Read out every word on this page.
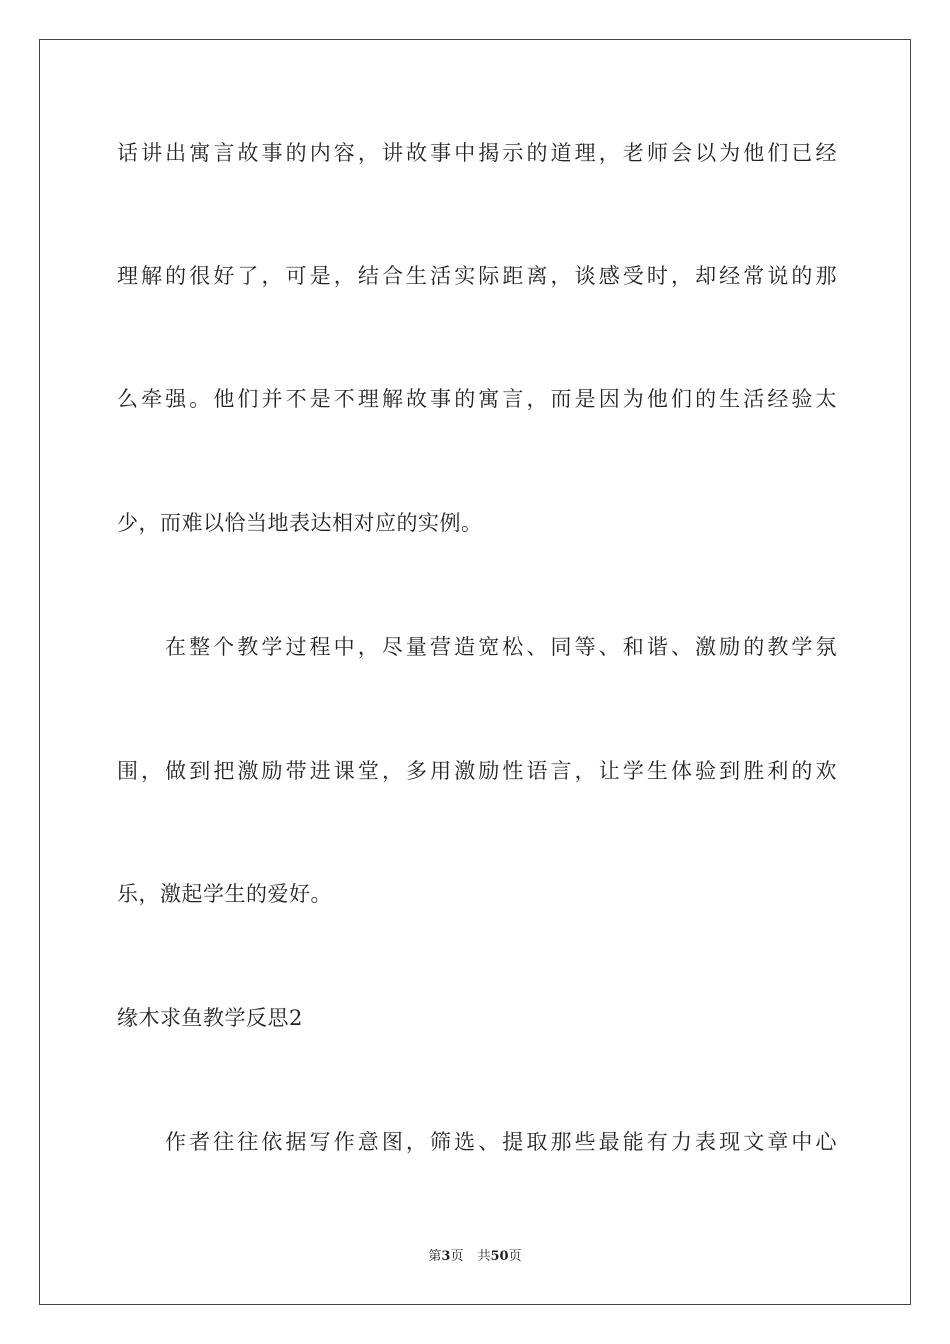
话讲出寓言故事的内容，讲故事中揭示的道理，老师会以为他们已经
理解的很好了，可是，结合生活实际距离，谈感受时，却经常说的那
么牵强。他们并不是不理解故事的寓言，而是因为他们的生活经验太
少，而难以恰当地表达相对应的实例。
在整个教学过程中，尽量营造宽松、同等、和谐、激励的教学氛
围，做到把激励带进课堂，多用激励性语言，让学生体验到胜利的欢
乐，激起学生的爱好。
缘木求鱼教学反思2
作者往往依据写作意图，筛选、提取那些最能有力表现文章中心
第3页 共50页
